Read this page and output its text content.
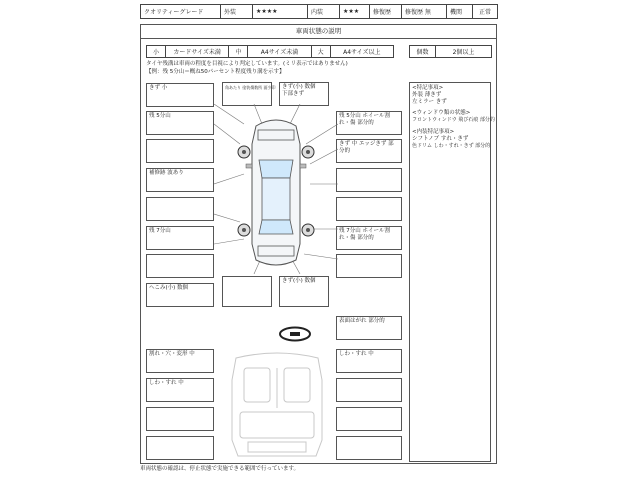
クオリティーグレード	外装	★★★★	内装	★★★	修復歴	修復歴 無	機関	正常
車両状態の説明
小	カードサイズ未満	中	A4サイズ未満	大	A4サイズ以上	個数	2個以上
タイヤ残溝は車両の程度を目視により判定しています。(ミリ表示ではありません)
【例：残 5分山＝概ね50パーセント程度残り溝を示す】
きず 小
残 5分山
補修跡 波あり
残 7分山
へこみ(小) 数個
角あたり 塗装傷数所 面少印 きず(小) 数個 下部きず
残 5分山 ホイール割れ・傷 部分的
きず 中 エッジきず 部分的
残 7分山 ホイール割れ・傷 部分的
きず(小) 数個
表面はがれ 部分的
しわ・すれ 中
割れ・穴・変形 中
しわ・すれ 中
<特記事項>
外装 薄きず
左ミラー きず
<ウィンドウ類の状態>
フロントウィンドウ 飛び石痕 部分的
<内装特記事項>
シフトノブ すれ・きず
色ドリム しわ・すれ・きず 部分的
車両状態の確認は、停止状態で実施できる範囲で行っています。
